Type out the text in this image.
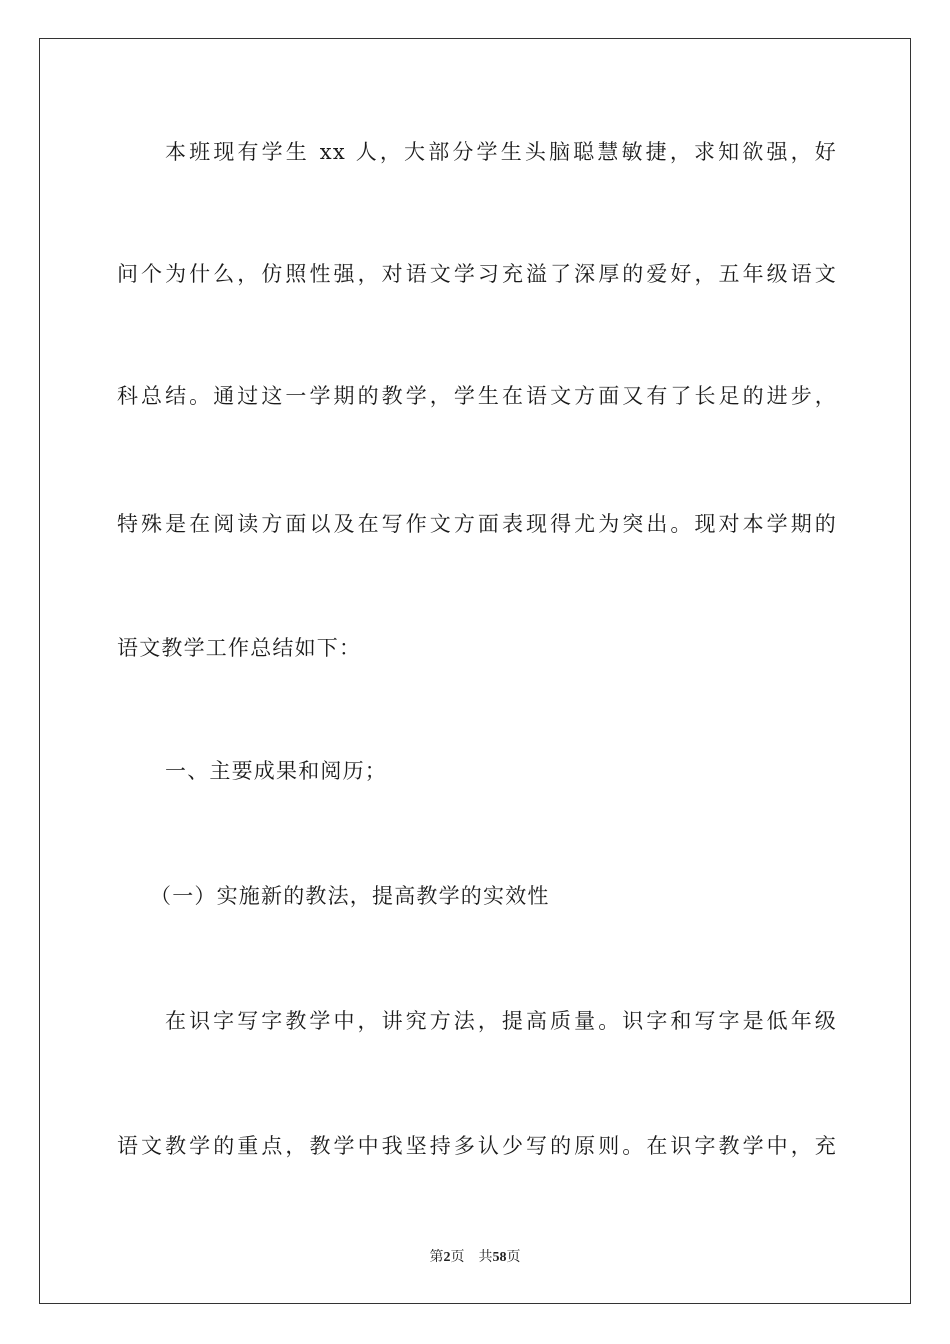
本班现有学生 xx 人，大部分学生头脑聪慧敏捷，求知欲强，好
问个为什么，仿照性强，对语文学习充溢了深厚的爱好，五年级语文
科总结。通过这一学期的教学，学生在语文方面又有了长足的进步，
特殊是在阅读方面以及在写作文方面表现得尤为突出。现对本学期的
语文教学工作总结如下：
一、主要成果和阅历；
（一）实施新的教法，提高教学的实效性
在识字写字教学中，讲究方法，提高质量。识字和写字是低年级
语文教学的重点，教学中我坚持多认少写的原则。在识字教学中，充
第2页　共58页
